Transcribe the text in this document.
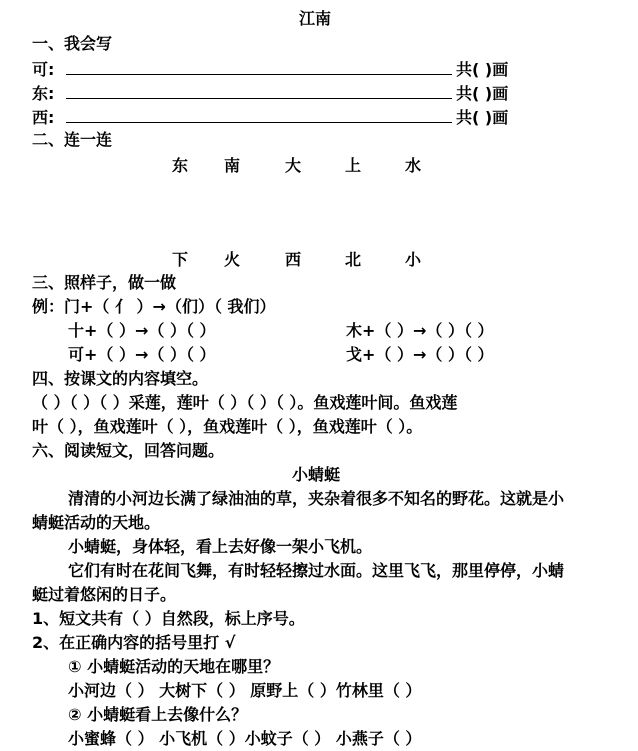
江南
一、我会写
可:	共( )画
东:	共( )画
西:	共( )画
二、连一连
东 南	大	上	水
下 火	西	北	小
三、照样子，做一做
例：门+（ 亻 ）→（们）（ 我们）
十+（ ）→（ ）（ ）	木+（ ）→（ ）（ ）
可+（ ）→（ ）（ ）	戈+（ ）→（ ）（ ）
四、按课文的内容填空。
（ ）（ ）（ ）采莲，莲叶（ ）（ ）（ ）。鱼戏莲叶间。鱼戏莲
叶（ ），鱼戏莲叶（ ），鱼戏莲叶（ ），鱼戏莲叶（ ）。
六、阅读短文，回答问题。
小蜻蜓
清清的小河边长满了绿油油的草，夹杂着很多不知名的野花。这就是小
蜻蜓活动的天地。
小蜻蜓，身体轻，看上去好像一架小飞机。
它们有时在花间飞舞，有时轻轻擦过水面。这里飞飞，那里停停，小蜻
蜓过着悠闲的日子。
1、短文共有（ ）自然段，标上序号。
2、在正确内容的括号里打 √
① 小蜻蜓活动的天地在哪里？
小河边（ ） 大树下（ ） 原野上（ ）竹林里（ ）
② 小蜻蜓看上去像什么？
小蜜蜂（ ） 小飞机（ ）小蚊子（ ） 小燕子（ ）
